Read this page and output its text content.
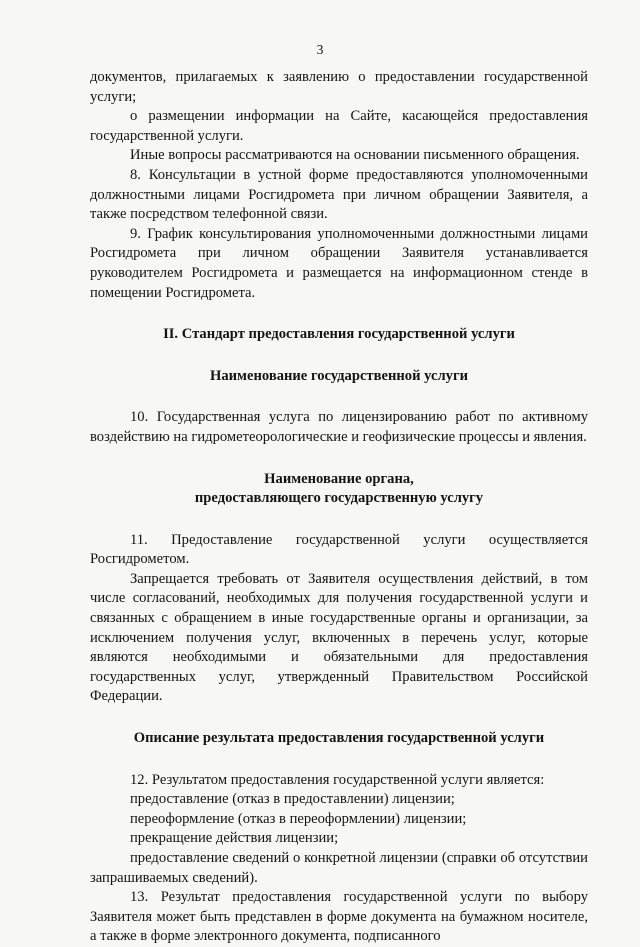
3

документов, прилагаемых к заявлению о предоставлении государственной услуги;

о размещении информации на Сайте, касающейся предоставления государственной услуги.

Иные вопросы рассматриваются на основании письменного обращения.

8. Консультации в устной форме предоставляются уполномоченными должностными лицами Росгидромета при личном обращении Заявителя, а также посредством телефонной связи.

9. График консультирования уполномоченными должностными лицами Росгидромета при личном обращении Заявителя устанавливается руководителем Росгидромета и размещается на информационном стенде в помещении Росгидромета.

II. Стандарт предоставления государственной услуги

Наименование государственной услуги

10. Государственная услуга по лицензированию работ по активному воздействию на гидрометеорологические и геофизические процессы и явления.

Наименование органа,

предоставляющего государственную услугу

11. Предоставление государственной услуги осуществляется Росгидрометом.

Запрещается требовать от Заявителя осуществления действий, в том числе согласований, необходимых для получения государственной услуги и связанных с обращением в иные государственные органы и организации, за исключением получения услуг, включенных в перечень услуг, которые являются необходимыми и обязательными для предоставления государственных услуг, утвержденный Правительством Российской Федерации.

Описание результата предоставления государственной услуги

12. Результатом предоставления государственной услуги является:

предоставление (отказ в предоставлении) лицензии;

переоформление (отказ в переоформлении) лицензии;

прекращение действия лицензии;

предоставление сведений о конкретной лицензии (справки об отсутствии запрашиваемых сведений).

13. Результат предоставления государственной услуги по выбору Заявителя может быть представлен в форме документа на бумажном носителе, а также в форме электронного документа, подписанного
